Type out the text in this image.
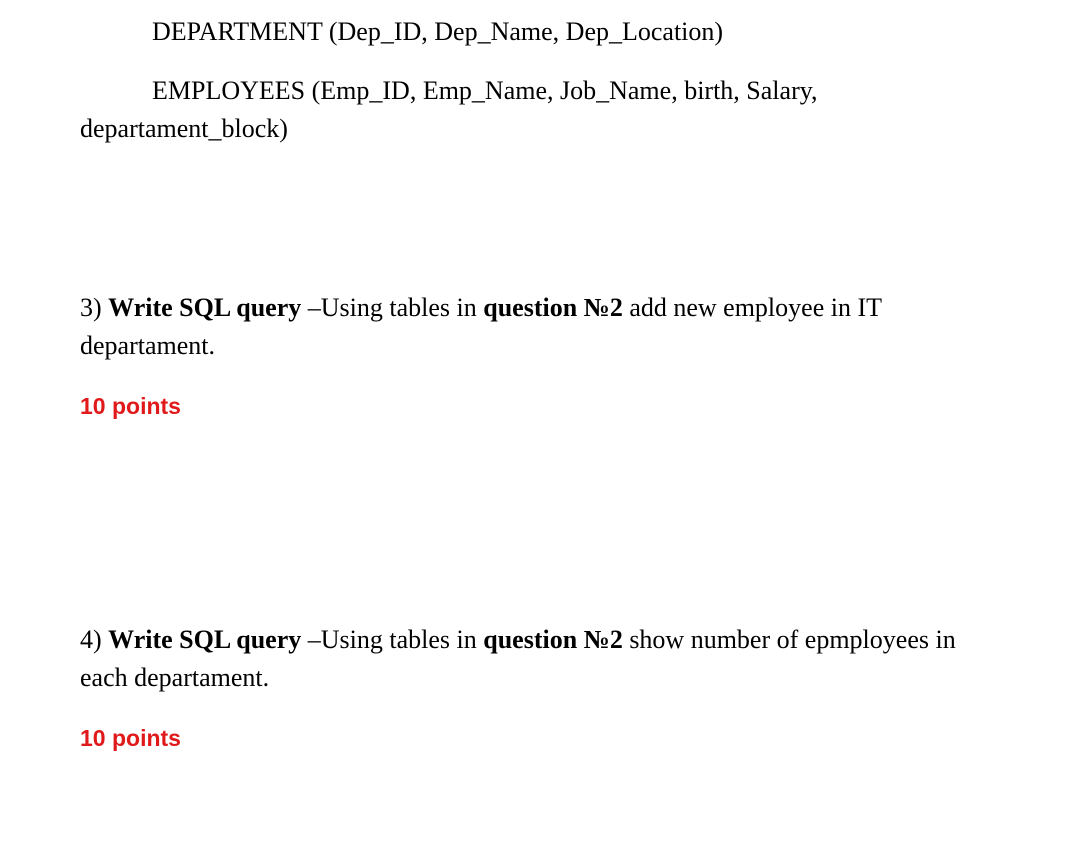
DEPARTMENT (Dep_ID, Dep_Name, Dep_Location)

EMPLOYEES (Emp_ID, Emp_Name, Job_Name, birth, Salary, departament_block)

3) Write SQL query –Using tables in question №2 add new employee in IT departament.

10 points

4) Write SQL query –Using tables in question №2 show number of epmployees in each departament.

10 points
